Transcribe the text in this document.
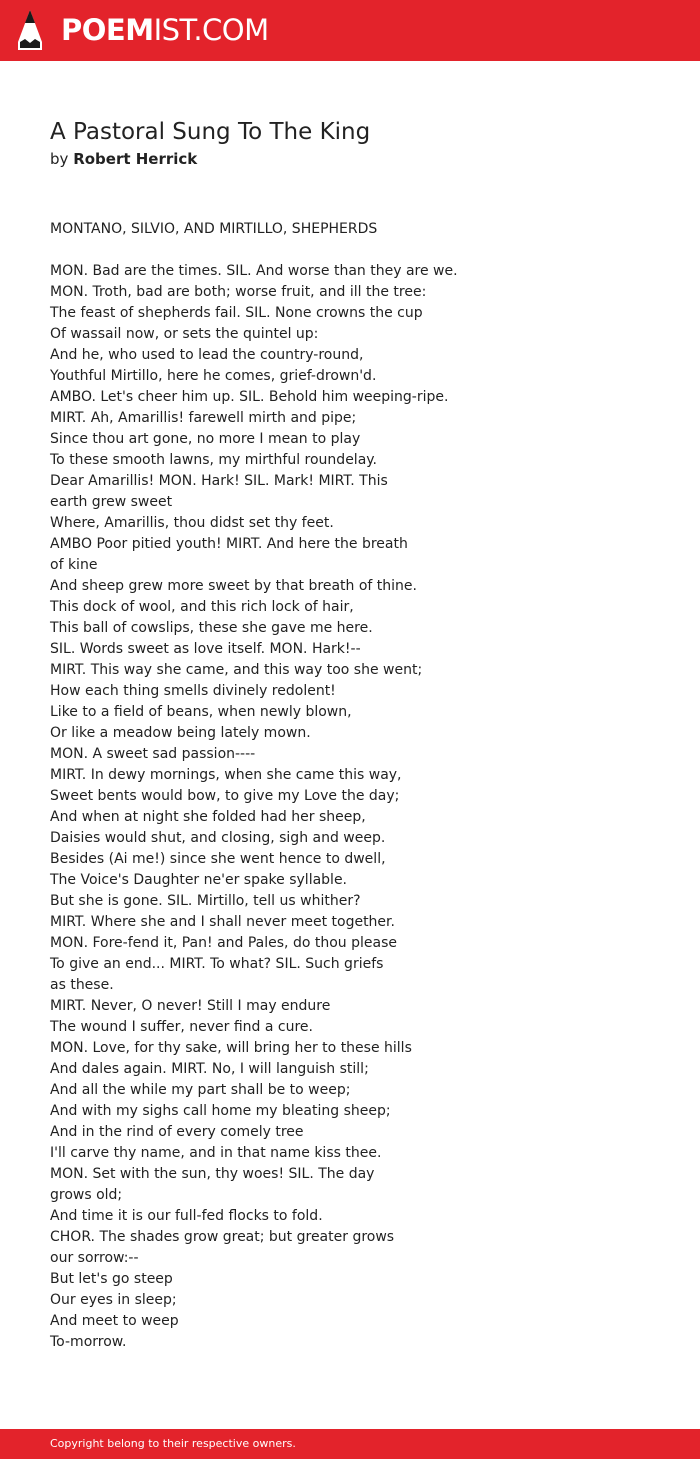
POEMIST.COM
A Pastoral Sung To The King

by Robert Herrick

MONTANO, SILVIO, AND MIRTILLO, SHEPHERDS
MON. Bad are the times. SIL. And worse than they are we.
MON. Troth, bad are both; worse fruit, and ill the tree:
The feast of shepherds fail. SIL. None crowns the cup
Of wassail now, or sets the quintel up:
And he, who used to lead the country-round,
Youthful Mirtillo, here he comes, grief-drown'd.
AMBO. Let's cheer him up. SIL. Behold him weeping-ripe.
MIRT. Ah, Amarillis! farewell mirth and pipe;
Since thou art gone, no more I mean to play
To these smooth lawns, my mirthful roundelay.
Dear Amarillis! MON. Hark! SIL. Mark! MIRT. This
earth grew sweet
Where, Amarillis, thou didst set thy feet.
AMBO Poor pitied youth! MIRT. And here the breath
of kine
And sheep grew more sweet by that breath of thine.
This dock of wool, and this rich lock of hair,
This ball of cowslips, these she gave me here.
SIL. Words sweet as love itself. MON. Hark!--
MIRT. This way she came, and this way too she went;
How each thing smells divinely redolent!
Like to a field of beans, when newly blown,
Or like a meadow being lately mown.
MON. A sweet sad passion----
MIRT. In dewy mornings, when she came this way,
Sweet bents would bow, to give my Love the day;
And when at night she folded had her sheep,
Daisies would shut, and closing, sigh and weep.
Besides (Ai me!) since she went hence to dwell,
The Voice's Daughter ne'er spake syllable.
But she is gone. SIL. Mirtillo, tell us whither?
MIRT. Where she and I shall never meet together.
MON. Fore-fend it, Pan! and Pales, do thou please
To give an end... MIRT. To what? SIL. Such griefs
as these.
MIRT. Never, O never! Still I may endure
The wound I suffer, never find a cure.
MON. Love, for thy sake, will bring her to these hills
And dales again. MIRT. No, I will languish still;
And all the while my part shall be to weep;
And with my sighs call home my bleating sheep;
And in the rind of every comely tree
I'll carve thy name, and in that name kiss thee.
MON. Set with the sun, thy woes! SIL. The day
grows old;
And time it is our full-fed flocks to fold.
CHOR. The shades grow great; but greater grows
our sorrow:--
But let's go steep
Our eyes in sleep;
And meet to weep
To-morrow.
Copyright belong to their respective owners.
